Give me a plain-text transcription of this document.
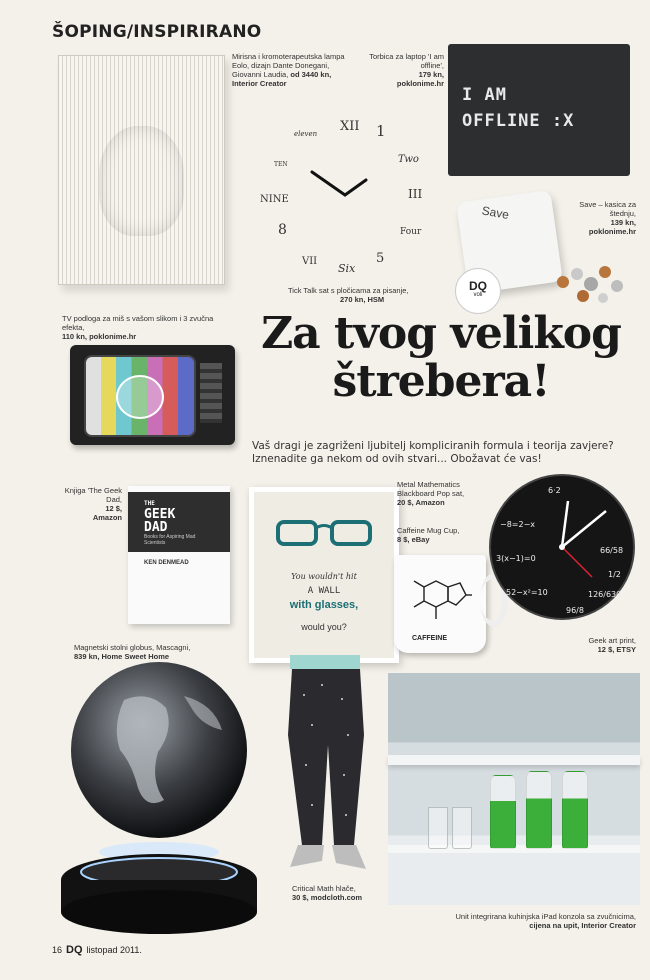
ŠOPING/INSPIRIRANO
Mirisna i kromoterapeutska lampa Eolo, dizajn Dante Donegani, Giovanni Laudia, od 3440 kn, Interior Creator
Torbica za laptop 'I am offline',
179 kn,
poklonime.hr
I AM
OFFLINE :X
XII 1
Two
III
Four
5
Six
VII
8
NINE
TEN
eleven
Tick Talk sat s pločicama za pisanje,
270 kn, HSM
Save – kasica za štednju,
139 kn,
poklonime.hr
Save
DQ
voli
TV podloga za miš s vašom slikom i 3 zvučna efekta,
110 kn, poklonime.hr	Za tvog velikog
štrebera!
Vaš dragi je zagriženi ljubitelj kompliciranih formula i teorija zavjere? Iznenadite ga nekom od ovih stvari... Obožavat će vas!
Knjiga 'The Geek Dad,
12 $,
Amazon
THE
GEEK
DAD
Books for Aspiring Mad Scientists
KEN DENMEAD
You wouldn't hit
A WALL
with glasses,
would you?
Metal Mathematics Blackboard Pop sat,
20 $, Amazon
Caffeine Mug Cup,
8 $, eBay
CAFFEINE
6·2
−8=2−x
3(x−1)=0
66/58
52−x²=10	126/630
1/2
96/8
Geek art print,
12 $, ETSY
Magnetski stolni globus, Mascagni,
839 kn, Home Sweet Home
Critical Math hlače,
30 $, modcloth.com
Unit integrirana kuhinjska iPad konzola sa zvučnicima,
cijena na upit, Interior Creator
16 DQ listopad 2011.
